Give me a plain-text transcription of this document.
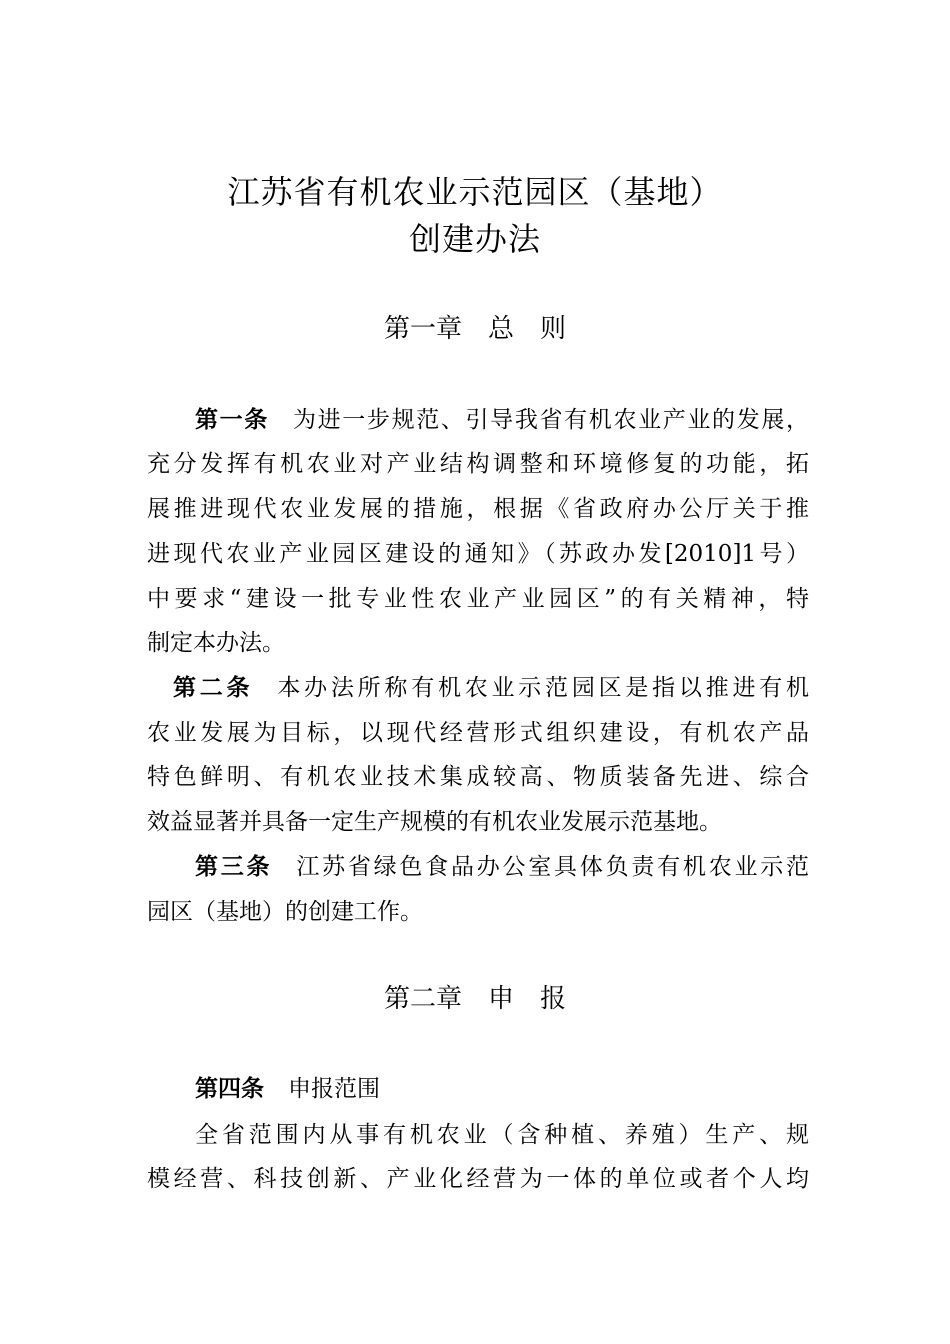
江苏省有机农业示范园区（基地）
创建办法
第一章　总　则
第一条 为进一步规范、引导我省有机农业产业的发展，
充分发挥有机农业对产业结构调整和环境修复的功能，拓
展推进现代农业发展的措施，根据《省政府办公厅关于推
进现代农业产业园区建设的通知》（苏政办发[2010]1号）
中要求“建设一批专业性农业产业园区”的有关精神，特
制定本办法。
第二条 本办法所称有机农业示范园区是指以推进有机
农业发展为目标，以现代经营形式组织建设，有机农产品
特色鲜明、有机农业技术集成较高、物质装备先进、综合
效益显著并具备一定生产规模的有机农业发展示范基地。
第三条 江苏省绿色食品办公室具体负责有机农业示范
园区（基地）的创建工作。
第二章　申　报
第四条 申报范围
全省范围内从事有机农业（含种植、养殖）生产、规
模经营、科技创新、产业化经营为一体的单位或者个人均
